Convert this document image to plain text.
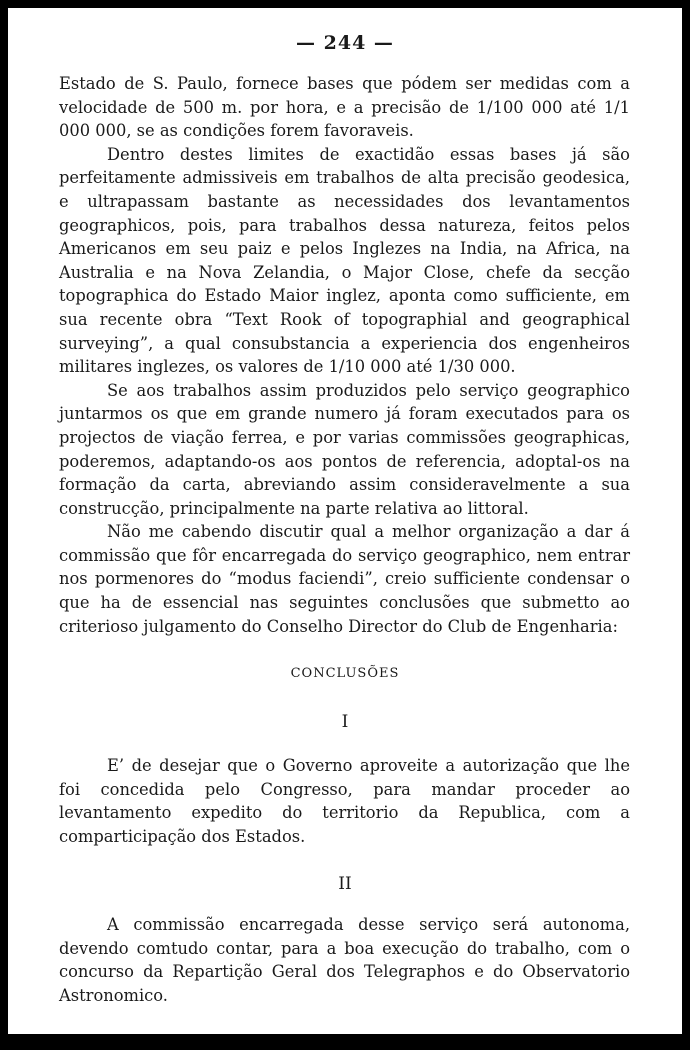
— 244 —

Estado de S. Paulo, fornece bases que pódem ser medidas com a velocidade de 500 m. por hora, e a precisão de 1/100 000 até 1/1 000 000, se as condições forem favoraveis.

Dentro destes limites de exactidão essas bases já são perfeitamente admissiveis em trabalhos de alta precisão geodesica, e ultrapassam bastante as necessidades dos levantamentos geographicos, pois, para trabalhos dessa natureza, feitos pelos Americanos em seu paiz e pelos Inglezes na India, na Africa, na Australia e na Nova Zelandia, o Major Close, chefe da secção topographica do Estado Maior inglez, aponta como sufficiente, em sua recente obra “Text Rook of topographial and geographical surveying”, a qual consubstancia a experiencia dos engenheiros militares inglezes, os valores de 1/10 000 até 1/30 000.

Se aos trabalhos assim produzidos pelo serviço geographico juntarmos os que em grande numero já foram executados para os projectos de viação ferrea, e por varias commissões geographicas, poderemos, adaptando-os aos pontos de referencia, adoptal-os na formação da carta, abreviando assim consideravelmente a sua construcção, principalmente na parte relativa ao littoral.

Não me cabendo discutir qual a melhor organização a dar á commissão que fôr encarregada do serviço geographico, nem entrar nos pormenores do “modus faciendi”, creio sufficiente condensar o que ha de essencial nas seguintes conclusões que submetto ao criterioso julgamento do Conselho Director do Club de Engenharia:

CONCLUSÕES
I

E’ de desejar que o Governo aproveite a autorização que lhe foi concedida pelo Congresso, para mandar proceder ao levantamento expedito do territorio da Republica, com a comparticipação dos Estados.

II

A commissão encarregada desse serviço será autonoma, devendo comtudo contar, para a boa execução do trabalho, com o concurso da Repartição Geral dos Telegraphos e do Observatorio Astronomico.
